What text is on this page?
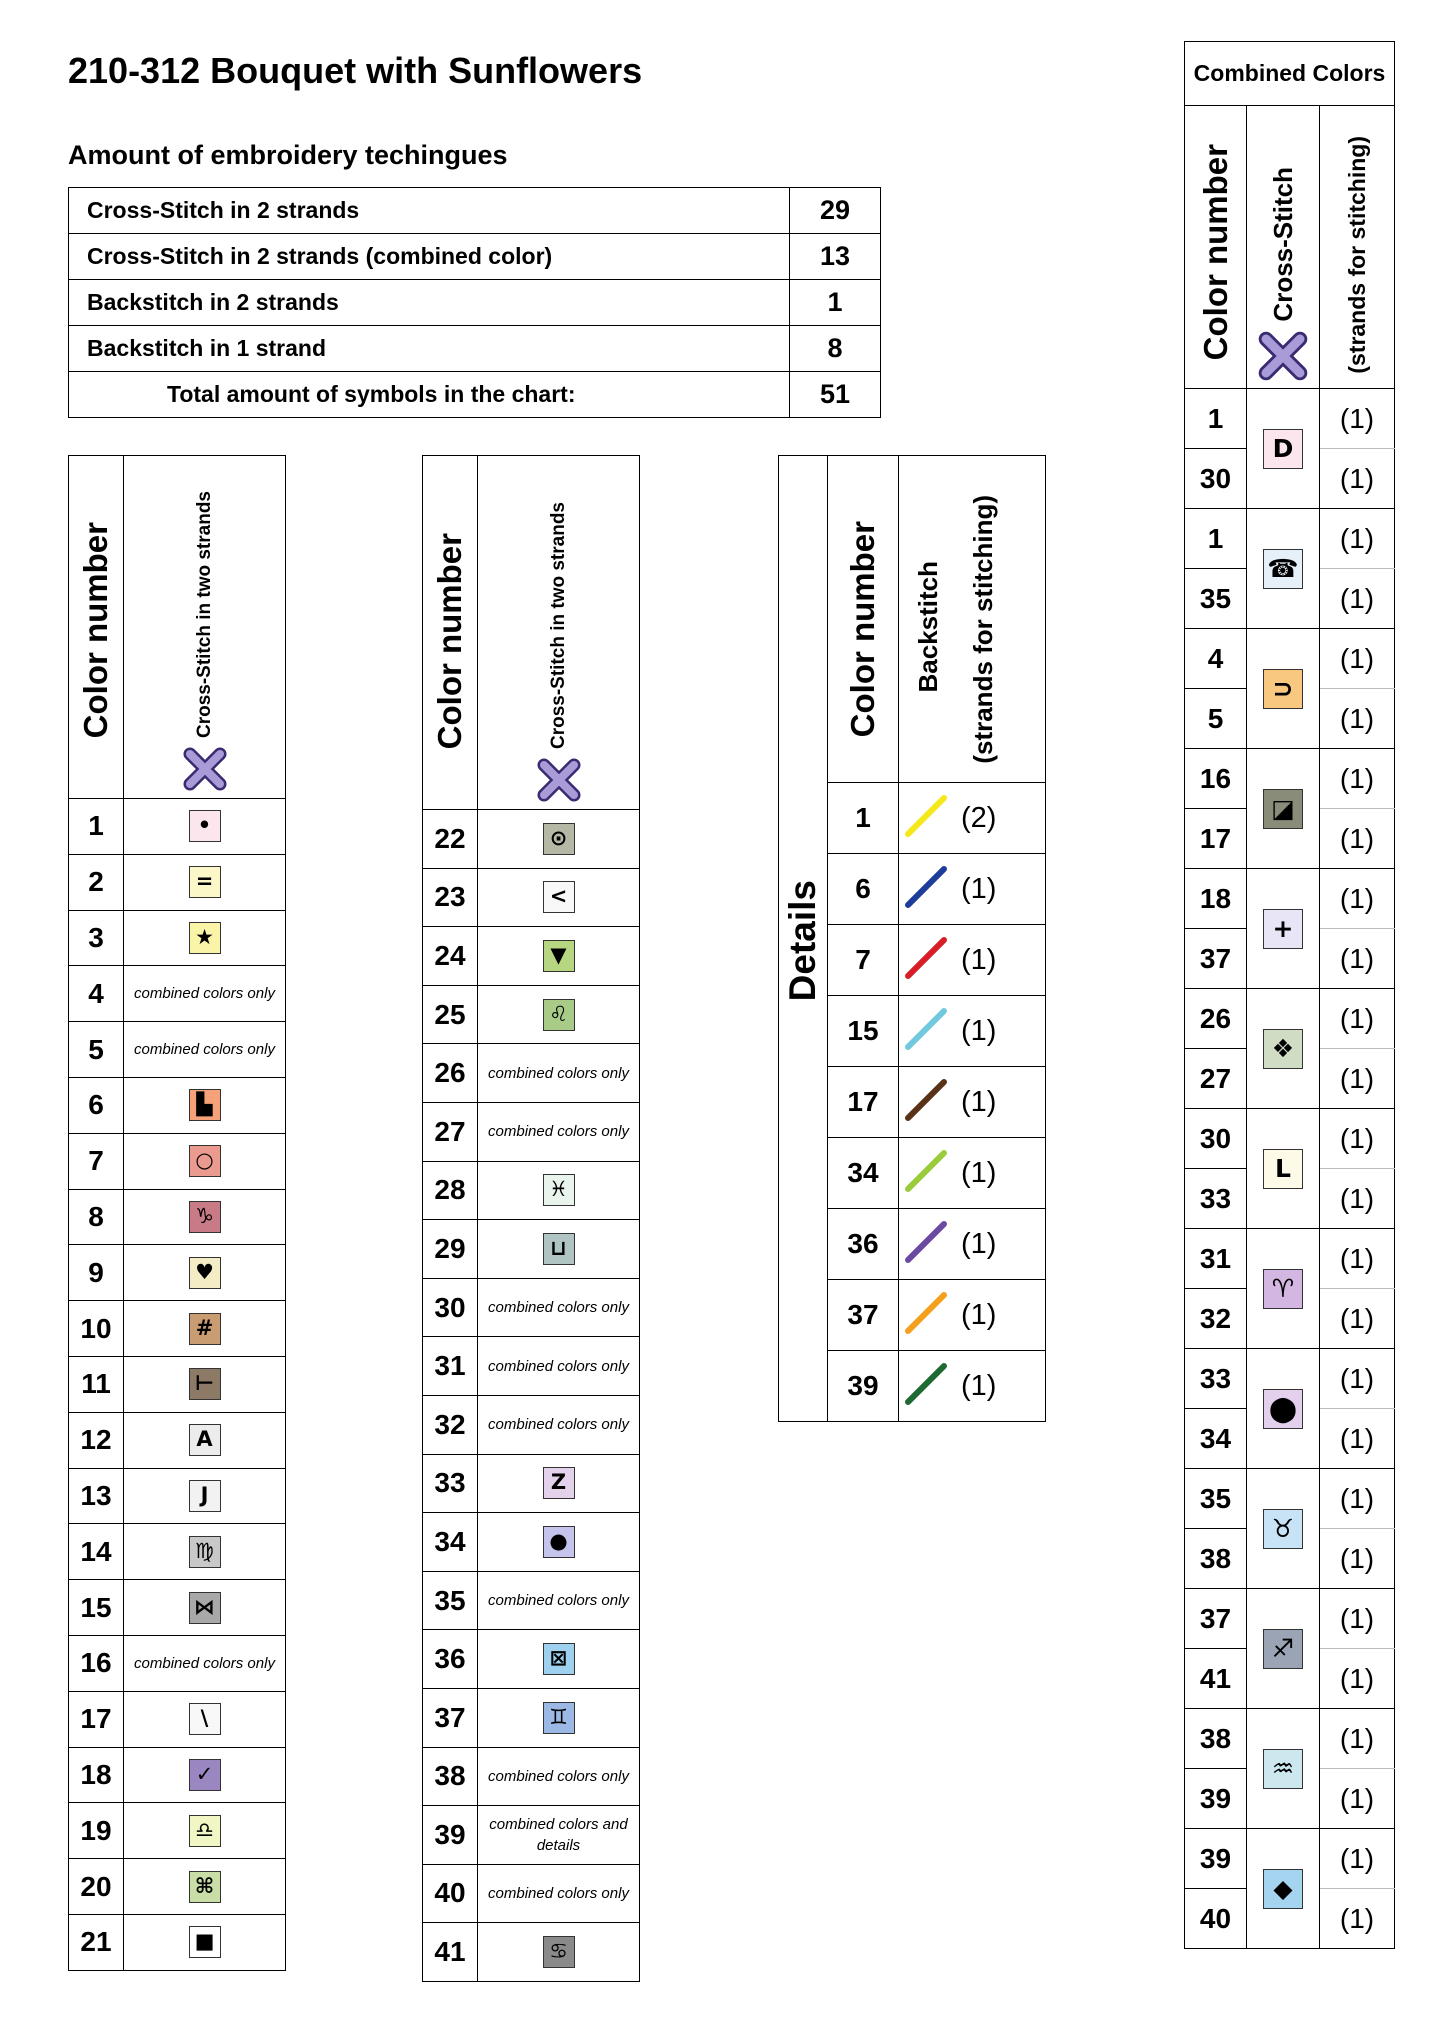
210-312 Bouquet with Sunflowers
Amount of embroidery techingues
Cross-Stitch in 2 strands	29
Cross-Stitch in 2 strands (combined color)	13
Backstitch in 2 strands	1
Backstitch in 1 strand	8
Total amount of symbols in the chart:	51
Color number	Cross-Stitch in two strands

1	•
2	=
3	★
4	combined colors only

5	combined colors only

6	▙
7	○
8	♑
9	♥
10	#
11	⊢
12	A
13	J
14	♍
15	⋈
16	combined colors only

17	\
18	✓
19	♎
20	⌘
21	■
Color number	Cross-Stitch in two strands

22	⊙
23	<
24	▼
25	♌
26	combined colors only

27	combined colors only

28	♓
29	⊔
30	combined colors only

31	combined colors only

32	combined colors only

33	Z
34	●
35	combined colors only

36	⊠
37	♊
38	combined colors only

39	combined colors and details

40	combined colors only

41	♋
Details	Color number	Backstitch (strands for stitching)	

	1		(2)
	6		(1)
	7		(1)
	15		(1)
	17		(1)
	34		(1)
	36		(1)
	37		(1)
	39		(1)
Combined Colors		

Color number	Cross-Stitch	(strands for stitching)

1	D	(1)
30		(1)
1	☎	(1)
35		(1)
4	⊃	(1)
5		(1)
16	◪	(1)
17		(1)
18	+	(1)
37		(1)
26	❖	(1)
27		(1)
30	L	(1)
33		(1)
31	♈	(1)
32		(1)
33	⬤	(1)
34		(1)
35	♉	(1)
38		(1)
37	♐	(1)
41		(1)
38	♒	(1)
39		(1)
39	◆	(1)
40		(1)
